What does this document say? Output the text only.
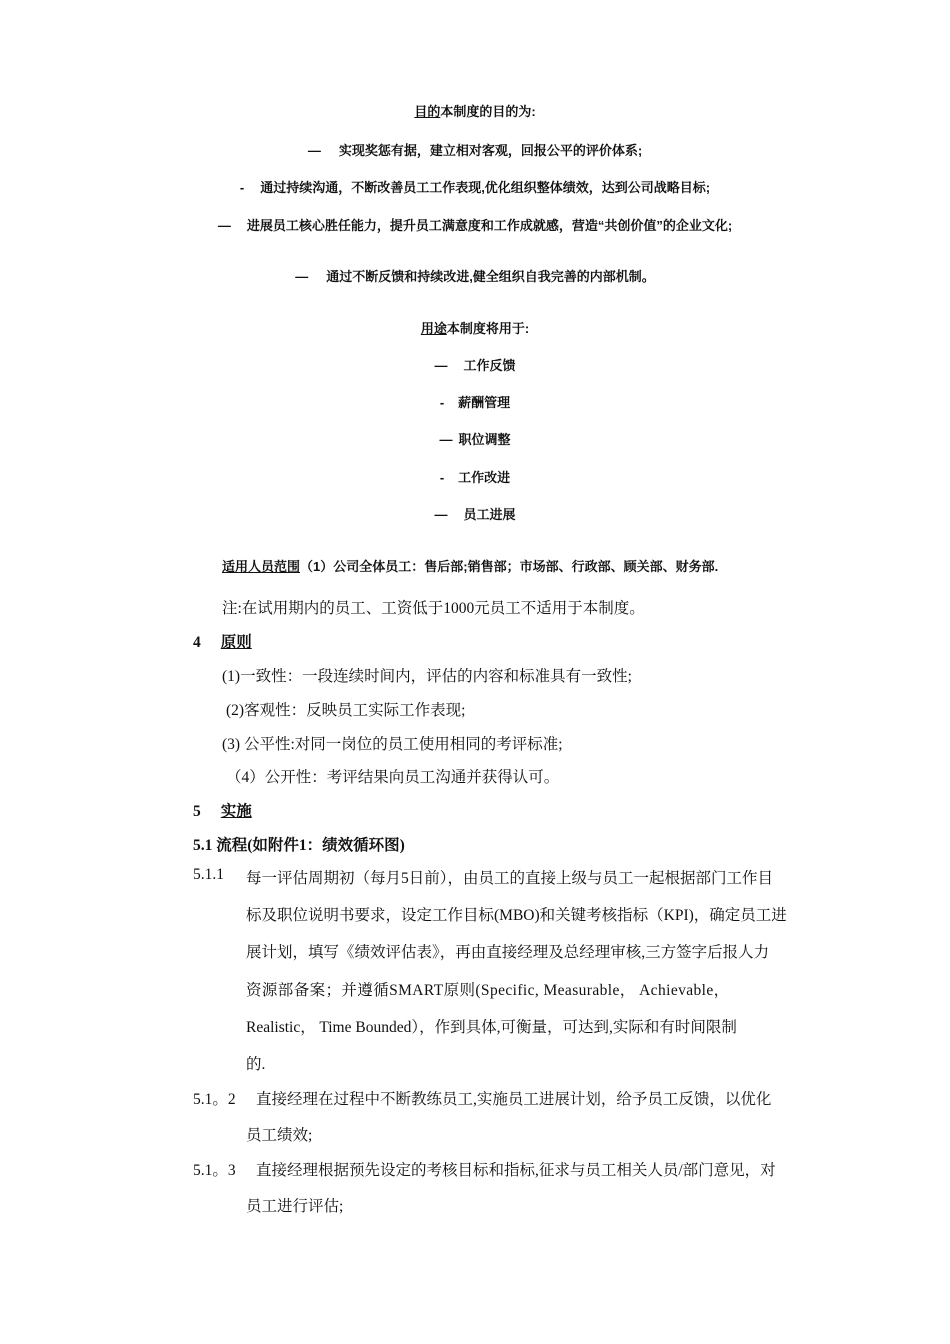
目的本制度的目的为:
— 实现奖惩有据，建立相对客观，回报公平的评价体系;
- 通过持续沟通，不断改善员工工作表现,优化组织整体绩效，达到公司战略目标;
— 进展员工核心胜任能力，提升员工满意度和工作成就感，营造“共创价值”的企业文化;
— 通过不断反馈和持续改进,健全组织自我完善的内部机制。
用途本制度将用于:
— 工作反馈
- 薪酬管理
— 职位调整
- 工作改进
— 员工进展
适用人员范围（1）公司全体员工：售后部;销售部；市场部、行政部、顾关部、财务部.
注:在试用期内的员工、工资低于1000元员工不适用于本制度。
4 原则
(1)一致性：一段连续时间内，评估的内容和标准具有一致性;
(2)客观性：反映员工实际工作表现;
(3) 公平性:对同一岗位的员工使用相同的考评标准;
（4）公开性：考评结果向员工沟通并获得认可。
5 实施
5.1 流程(如附件1：绩效循环图)
5.1.1 每一评估周期初（每月5日前），由员工的直接上级与员工一起根据部门工作目
标及职位说明书要求，设定工作目标(MBO)和关键考核指标（KPI)，确定员工进
展计划，填写《绩效评估表》，再由直接经理及总经理审核,三方签字后报人力
资源部备案；并遵循SMART原则(Specific, Measurable， Achievable，
Realistic， Time Bounded），作到具体,可衡量，可达到,实际和有时间限制
的.
5.1。2 直接经理在过程中不断教练员工,实施员工进展计划，给予员工反馈，以优化
员工绩效;
5.1。3 直接经理根据预先设定的考核目标和指标,征求与员工相关人员/部门意见，对
员工进行评估;
